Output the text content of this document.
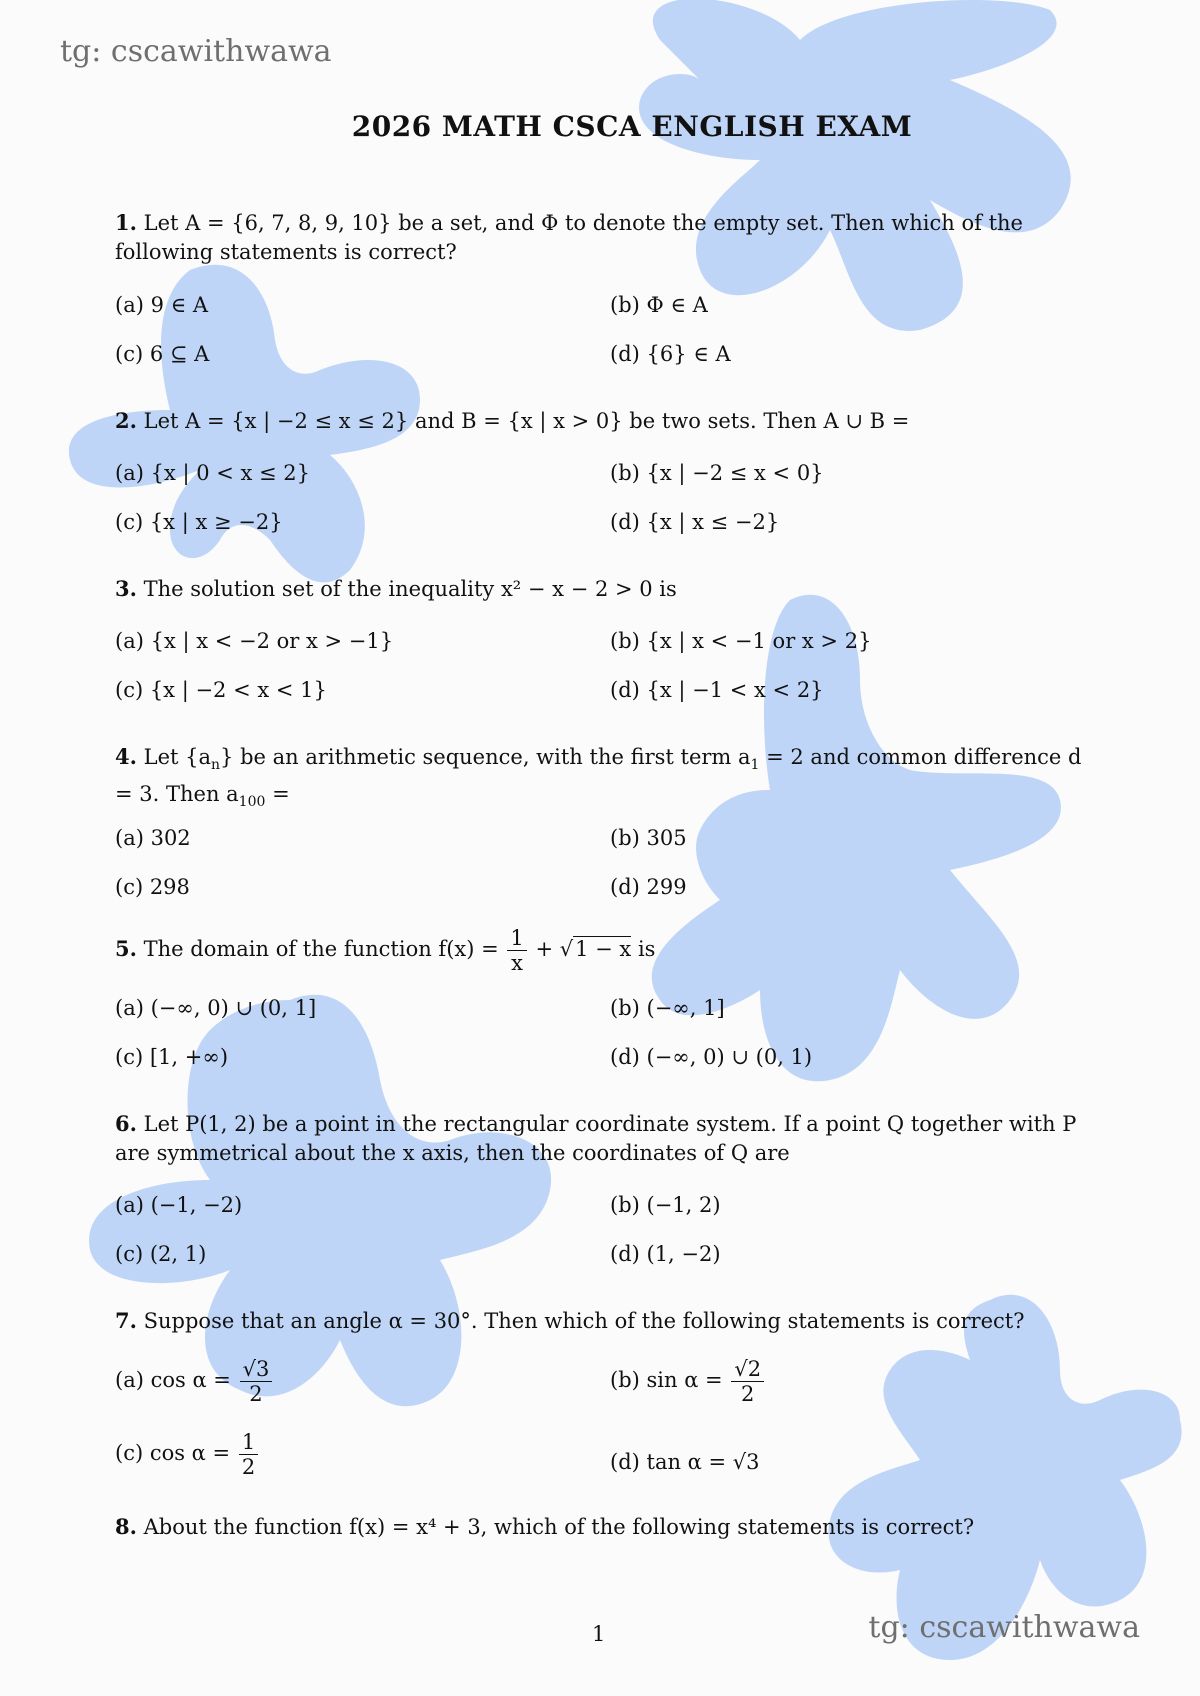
tg: cscawithwawa
2026 MATH CSCA ENGLISH EXAM
1. Let A = {6, 7, 8, 9, 10} be a set, and Φ to denote the empty set. Then which of the following statements is correct?
(a) 9 ∈ A	(b) Φ ∈ A
(c) 6 ⊆ A	(d) {6} ∈ A
2. Let A = {x | −2 ≤ x ≤ 2} and B = {x | x > 0} be two sets. Then A ∪ B =
(a) {x | 0 < x ≤ 2}	(b) {x | −2 ≤ x < 0}
(c) {x | x ≥ −2}	(d) {x | x ≤ −2}
3. The solution set of the inequality x² − x − 2 > 0 is
(a) {x | x < −2 or x > −1}	(b) {x | x < −1 or x > 2}
(c) {x | −2 < x < 1}	(d) {x | −1 < x < 2}
4. Let $\{a_n\}$ be an arithmetic sequence, with the first term $a_1 = 2$ and common difference d = 3. Then $a_{100}$ =
(a) 302	(b) 305
(c) 298	(d) 299
5. The domain of the function $f(x) = \frac{1}{x} + √1 - x$ is
(a) (−∞, 0) ∪ (0, 1]	(b) (−∞, 1]
(c) [1, +∞)	(d) (−∞, 0) ∪ (0, 1)
6. Let P(1, 2) be a point in the rectangular coordinate system. If a point Q together with P are symmetrical about the x axis, then the coordinates of Q are
(a) (−1, −2)	(b) (−1, 2)
(c) (2, 1)	(d) (1, −2)
7. Suppose that an angle α = 30°. Then which of the following statements is correct?
(a) $\cos \alpha = \frac{√3}{2}$	(b) $\sin \alpha = \frac{√2}{2}$
(c) $\cos \alpha = \frac{1}{2}$	(d) tan α = √3
8. About the function f(x) = x⁴ + 3, which of the following statements is correct?
1	tg: cscawithwawa
